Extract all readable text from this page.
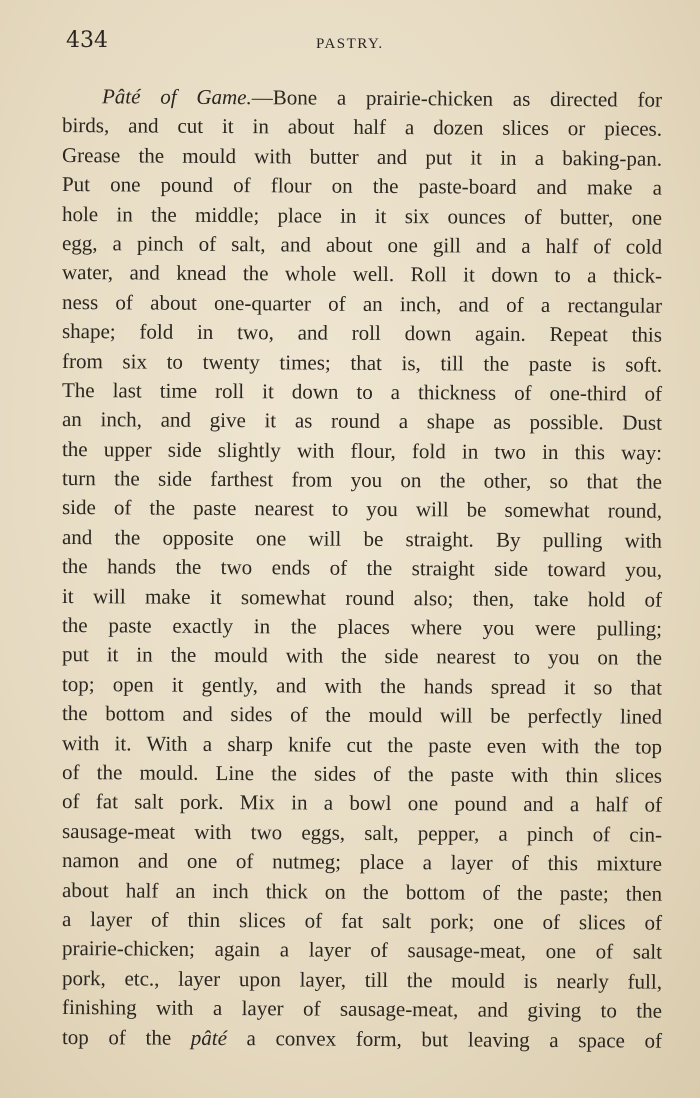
434	PASTRY.
Pâté of Game.—Bone a prairie-chicken as directed for
birds, and cut it in about half a dozen slices or pieces.
Grease the mould with butter and put it in a baking-pan.
Put one pound of flour on the paste-board and make a
hole in the middle; place in it six ounces of butter, one
egg, a pinch of salt, and about one gill and a half of cold
water, and knead the whole well. Roll it down to a thick-
ness of about one-quarter of an inch, and of a rectangular
shape; fold in two, and roll down again. Repeat this
from six to twenty times; that is, till the paste is soft.
The last time roll it down to a thickness of one-third of
an inch, and give it as round a shape as possible. Dust
the upper side slightly with flour, fold in two in this way:
turn the side farthest from you on the other, so that the
side of the paste nearest to you will be somewhat round,
and the opposite one will be straight. By pulling with
the hands the two ends of the straight side toward you,
it will make it somewhat round also; then, take hold of
the paste exactly in the places where you were pulling;
put it in the mould with the side nearest to you on the
top; open it gently, and with the hands spread it so that
the bottom and sides of the mould will be perfectly lined
with it. With a sharp knife cut the paste even with the top
of the mould. Line the sides of the paste with thin slices
of fat salt pork. Mix in a bowl one pound and a half of
sausage-meat with two eggs, salt, pepper, a pinch of cin-
namon and one of nutmeg; place a layer of this mixture
about half an inch thick on the bottom of the paste; then
a layer of thin slices of fat salt pork; one of slices of
prairie-chicken; again a layer of sausage-meat, one of salt
pork, etc., layer upon layer, till the mould is nearly full,
finishing with a layer of sausage-meat, and giving to the
top of the pâté a convex form, but leaving a space of
